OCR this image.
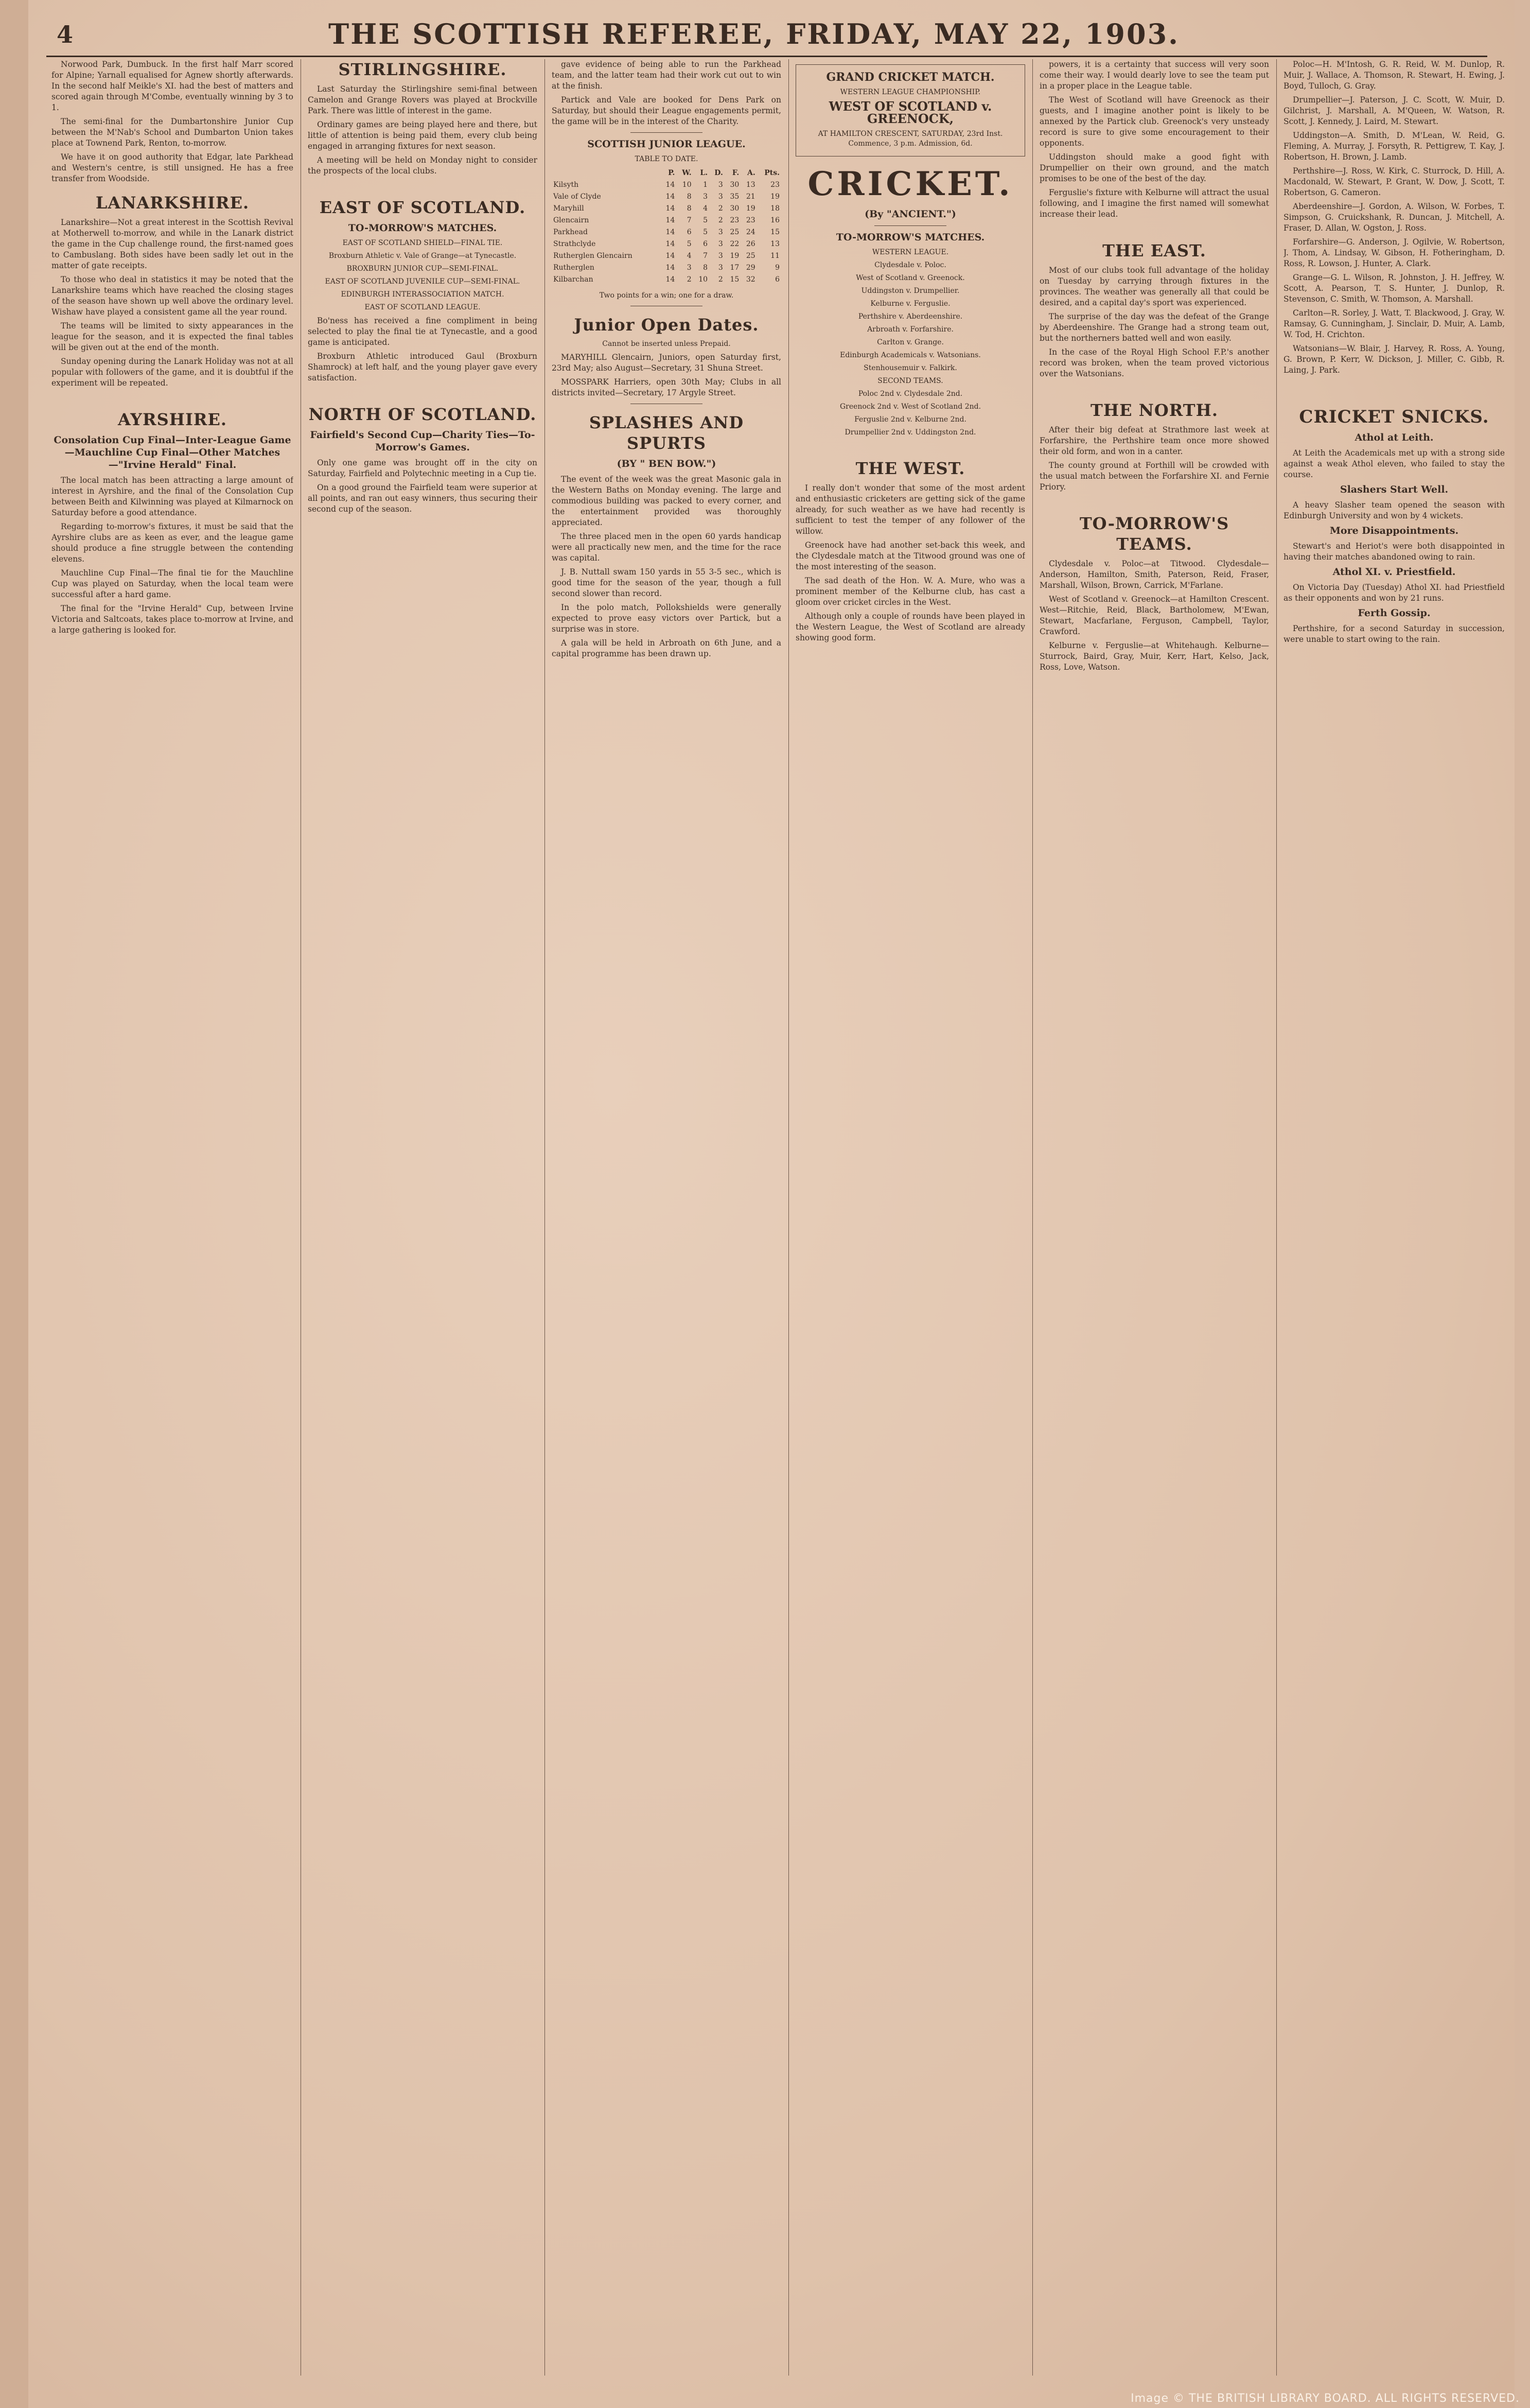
4	THE SCOTTISH REFEREE, FRIDAY, MAY 22, 1903.

Norwood Park, Dumbuck. In the first half Marr scored for Alpine; Yarnall equalised for Agnew shortly afterwards. In the second half Meikle's XI. had the best of matters and scored again through M'Combe, eventually winning by 3 to 1.

The semi-final for the Dumbartonshire Junior Cup between the M'Nab's School and Dumbarton Union takes place at Townend Park, Renton, to-morrow.

We have it on good authority that Edgar, late Parkhead and Western's centre, is still unsigned. He has a free transfer from Woodside.

LANARKSHIRE.

Lanarkshire—Not a great interest in the Scottish Revival at Motherwell to-morrow, and while in the Lanark district the game in the Cup challenge round, the first-named goes to Cambuslang. Both sides have been sadly let out in the matter of gate receipts.

To those who deal in statistics it may be noted that the Lanarkshire teams which have reached the closing stages of the season have shown up well above the ordinary level. Wishaw have played a consistent game all the year round.

The teams will be limited to sixty appearances in the league for the season, and it is expected the final tables will be given out at the end of the month.

Sunday opening during the Lanark Holiday was not at all popular with followers of the game, and it is doubtful if the experiment will be repeated.

AYRSHIRE.
Consolation Cup Final—Inter-League Game—Mauchline Cup Final—Other Matches—"Irvine Herald" Final.

The local match has been attracting a large amount of interest in Ayrshire, and the final of the Consolation Cup between Beith and Kilwinning was played at Kilmarnock on Saturday before a good attendance.

Regarding to-morrow's fixtures, it must be said that the Ayrshire clubs are as keen as ever, and the league game should produce a fine struggle between the contending elevens.

Mauchline Cup Final—The final tie for the Mauchline Cup was played on Saturday, when the local team were successful after a hard game.

The final for the "Irvine Herald" Cup, between Irvine Victoria and Saltcoats, takes place to-morrow at Irvine, and a large gathering is looked for.

STIRLINGSHIRE.

Last Saturday the Stirlingshire semi-final between Camelon and Grange Rovers was played at Brockville Park. There was little of interest in the game.

Ordinary games are being played here and there, but little of attention is being paid them, every club being engaged in arranging fixtures for next season.

A meeting will be held on Monday night to consider the prospects of the local clubs.

EAST OF SCOTLAND.
TO-MORROW'S MATCHES.
EAST OF SCOTLAND SHIELD—FINAL TIE.
Broxburn Athletic v. Vale of Grange—at Tynecastle.
BROXBURN JUNIOR CUP—SEMI-FINAL.
EAST OF SCOTLAND JUVENILE CUP—SEMI-FINAL.
EDINBURGH INTERASSOCIATION MATCH.
EAST OF SCOTLAND LEAGUE.

Bo'ness has received a fine compliment in being selected to play the final tie at Tynecastle, and a good game is anticipated.

Broxburn Athletic introduced Gaul (Broxburn Shamrock) at left half, and the young player gave every satisfaction.

NORTH OF SCOTLAND.
Fairfield's Second Cup—Charity Ties—To-Morrow's Games.

Only one game was brought off in the city on Saturday, Fairfield and Polytechnic meeting in a Cup tie.

On a good ground the Fairfield team were superior at all points, and ran out easy winners, thus securing their second cup of the season.

gave evidence of being able to run the Parkhead team, and the latter team had their work cut out to win at the finish.

Partick and Vale are booked for Dens Park on Saturday, but should their League engagements permit, the game will be in the interest of the Charity.

SCOTTISH JUNIOR LEAGUE.
TABLE TO DATE.
	P.	W.	L.	D.	F.	A.	Pts.
Kilsyth	14	10	1	3	30	13	23
Vale of Clyde	14	8	3	3	35	21	19
Maryhill	14	8	4	2	30	19	18
Glencairn	14	7	5	2	23	23	16
Parkhead	14	6	5	3	25	24	15
Strathclyde	14	5	6	3	22	26	13
Rutherglen Glencairn	14	4	7	3	19	25	11
Rutherglen	14	3	8	3	17	29	9
Kilbarchan	14	2	10	2	15	32	6
Two points for a win; one for a draw.
Junior Open Dates.
Cannot be inserted unless Prepaid.

MARYHILL Glencairn, Juniors, open Saturday first, 23rd May; also August—Secretary, 31 Shuna Street.

MOSSPARK Harriers, open 30th May; Clubs in all districts invited—Secretary, 17 Argyle Street.

SPLASHES AND SPURTS
(BY " BEN BOW.")

The event of the week was the great Masonic gala in the Western Baths on Monday evening. The large and commodious building was packed to every corner, and the entertainment provided was thoroughly appreciated.

The three placed men in the open 60 yards handicap were all practically new men, and the time for the race was capital.

J. B. Nuttall swam 150 yards in 55 3-5 sec., which is good time for the season of the year, though a full second slower than record.

In the polo match, Pollokshields were generally expected to prove easy victors over Partick, but a surprise was in store.

A gala will be held in Arbroath on 6th June, and a capital programme has been drawn up.

GRAND CRICKET MATCH.
WESTERN LEAGUE CHAMPIONSHIP.
WEST OF SCOTLAND v. GREENOCK,
AT HAMILTON CRESCENT, SATURDAY, 23rd Inst. Commence, 3 p.m. Admission, 6d.
CRICKET.
(By "ANCIENT.")
TO-MORROW'S MATCHES.
WESTERN LEAGUE.
Clydesdale v. Poloc.
West of Scotland v. Greenock.
Uddingston v. Drumpellier.
Kelburne v. Ferguslie.
Perthshire v. Aberdeenshire.
Arbroath v. Forfarshire.
Carlton v. Grange.
Edinburgh Academicals v. Watsonians.
Stenhousemuir v. Falkirk.
SECOND TEAMS.
Poloc 2nd v. Clydesdale 2nd.
Greenock 2nd v. West of Scotland 2nd.
Ferguslie 2nd v. Kelburne 2nd.
Drumpellier 2nd v. Uddingston 2nd.
THE WEST.

I really don't wonder that some of the most ardent and enthusiastic cricketers are getting sick of the game already, for such weather as we have had recently is sufficient to test the temper of any follower of the willow.

Greenock have had another set-back this week, and the Clydesdale match at the Titwood ground was one of the most interesting of the season.

The sad death of the Hon. W. A. Mure, who was a prominent member of the Kelburne club, has cast a gloom over cricket circles in the West.

Although only a couple of rounds have been played in the Western League, the West of Scotland are already showing good form.

powers, it is a certainty that success will very soon come their way. I would dearly love to see the team put in a proper place in the League table.

The West of Scotland will have Greenock as their guests, and I imagine another point is likely to be annexed by the Partick club. Greenock's very unsteady record is sure to give some encouragement to their opponents.

Uddingston should make a good fight with Drumpellier on their own ground, and the match promises to be one of the best of the day.

Ferguslie's fixture with Kelburne will attract the usual following, and I imagine the first named will somewhat increase their lead.

THE EAST.

Most of our clubs took full advantage of the holiday on Tuesday by carrying through fixtures in the provinces. The weather was generally all that could be desired, and a capital day's sport was experienced.

The surprise of the day was the defeat of the Grange by Aberdeenshire. The Grange had a strong team out, but the northerners batted well and won easily.

In the case of the Royal High School F.P.'s another record was broken, when the team proved victorious over the Watsonians.

THE NORTH.

After their big defeat at Strathmore last week at Forfarshire, the Perthshire team once more showed their old form, and won in a canter.

The county ground at Forthill will be crowded with the usual match between the Forfarshire XI. and Fernie Priory.

TO-MORROW'S TEAMS.

Clydesdale v. Poloc—at Titwood. Clydesdale—Anderson, Hamilton, Smith, Paterson, Reid, Fraser, Marshall, Wilson, Brown, Carrick, M'Farlane.

West of Scotland v. Greenock—at Hamilton Crescent. West—Ritchie, Reid, Black, Bartholomew, M'Ewan, Stewart, Macfarlane, Ferguson, Campbell, Taylor, Crawford.

Kelburne v. Ferguslie—at Whitehaugh. Kelburne—Sturrock, Baird, Gray, Muir, Kerr, Hart, Kelso, Jack, Ross, Love, Watson.

Poloc—H. M'Intosh, G. R. Reid, W. M. Dunlop, R. Muir, J. Wallace, A. Thomson, R. Stewart, H. Ewing, J. Boyd, Tulloch, G. Gray.

Drumpellier—J. Paterson, J. C. Scott, W. Muir, D. Gilchrist, J. Marshall, A. M'Queen, W. Watson, R. Scott, J. Kennedy, J. Laird, M. Stewart.

Uddingston—A. Smith, D. M'Lean, W. Reid, G. Fleming, A. Murray, J. Forsyth, R. Pettigrew, T. Kay, J. Robertson, H. Brown, J. Lamb.

Perthshire—J. Ross, W. Kirk, C. Sturrock, D. Hill, A. Macdonald, W. Stewart, P. Grant, W. Dow, J. Scott, T. Robertson, G. Cameron.

Aberdeenshire—J. Gordon, A. Wilson, W. Forbes, T. Simpson, G. Cruickshank, R. Duncan, J. Mitchell, A. Fraser, D. Allan, W. Ogston, J. Ross.

Forfarshire—G. Anderson, J. Ogilvie, W. Robertson, J. Thom, A. Lindsay, W. Gibson, H. Fotheringham, D. Ross, R. Lowson, J. Hunter, A. Clark.

Grange—G. L. Wilson, R. Johnston, J. H. Jeffrey, W. Scott, A. Pearson, T. S. Hunter, J. Dunlop, R. Stevenson, C. Smith, W. Thomson, A. Marshall.

Carlton—R. Sorley, J. Watt, T. Blackwood, J. Gray, W. Ramsay, G. Cunningham, J. Sinclair, D. Muir, A. Lamb, W. Tod, H. Crichton.

Watsonians—W. Blair, J. Harvey, R. Ross, A. Young, G. Brown, P. Kerr, W. Dickson, J. Miller, C. Gibb, R. Laing, J. Park.

CRICKET SNICKS.
Athol at Leith.

At Leith the Academicals met up with a strong side against a weak Athol eleven, who failed to stay the course.

Slashers Start Well.

A heavy Slasher team opened the season with Edinburgh University and won by 4 wickets.

More Disappointments.

Stewart's and Heriot's were both disappointed in having their matches abandoned owing to rain.

Athol XI. v. Priestfield.

On Victoria Day (Tuesday) Athol XI. had Priestfield as their opponents and won by 21 runs.

Ferth Gossip.

Perthshire, for a second Saturday in succession, were unable to start owing to the rain.

Image © THE BRITISH LIBRARY BOARD. ALL RIGHTS RESERVED.
